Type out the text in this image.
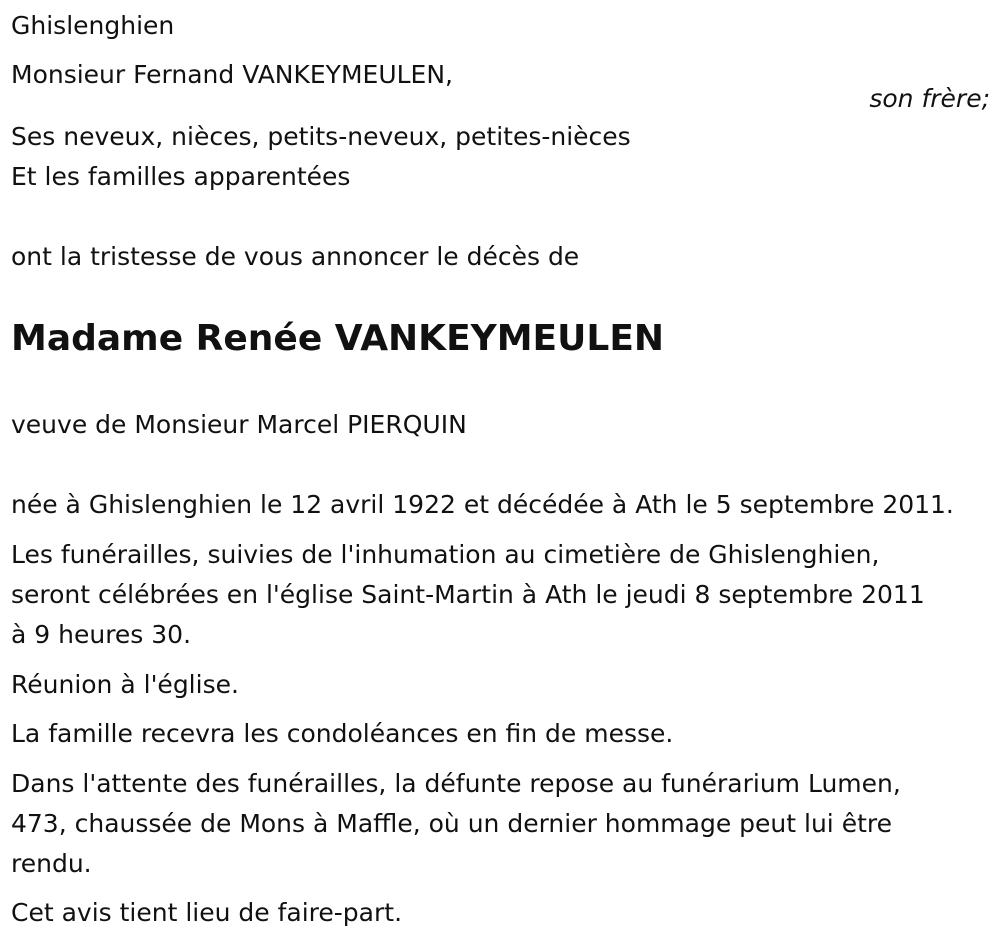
Ghislenghien
Monsieur Fernand VANKEYMEULEN,
son frère;
Ses neveux, nièces, petits-neveux, petites-nièces
Et les familles apparentées
ont la tristesse de vous annoncer le décès de
Madame Renée VANKEYMEULEN
veuve de Monsieur Marcel PIERQUIN
née à Ghislenghien le 12 avril 1922 et décédée à Ath le 5 septembre 2011.
Les funérailles, suivies de l'inhumation au cimetière de Ghislenghien,
seront célébrées en l'église Saint-Martin à Ath le jeudi 8 septembre 2011
à 9 heures 30.
Réunion à l'église.
La famille recevra les condoléances en fin de messe.
Dans l'attente des funérailles, la défunte repose au funérarium Lumen,
473, chaussée de Mons à Maffle, où un dernier hommage peut lui être
rendu.
Cet avis tient lieu de faire-part.
